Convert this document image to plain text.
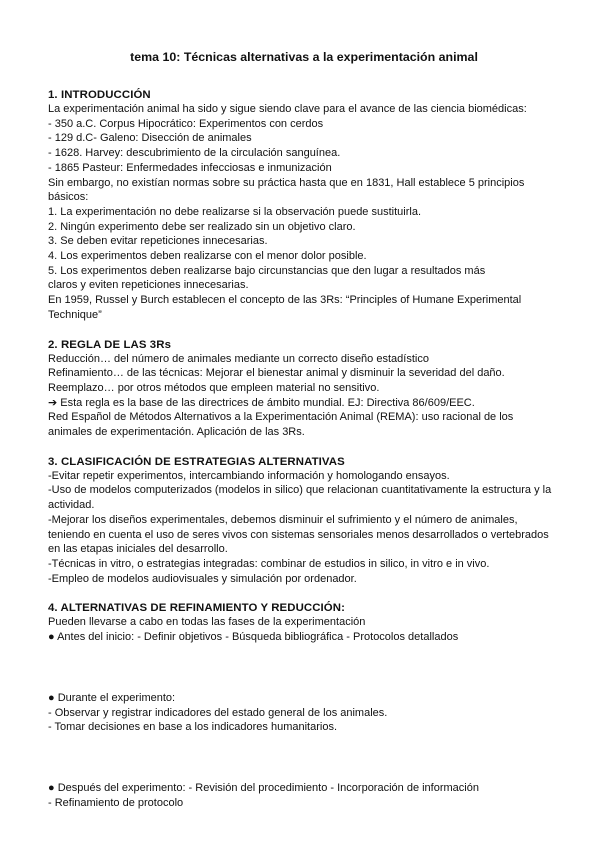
tema 10: Técnicas alternativas a la experimentación animal
1. INTRODUCCIÓN

La experimentación animal ha sido y sigue siendo clave para el avance de las ciencia biomédicas:

- 350 a.C. Corpus Hipocrático: Experimentos con cerdos

- 129 d.C- Galeno: Disección de animales

- 1628. Harvey: descubrimiento de la circulación sanguínea.

- 1865 Pasteur: Enfermedades infecciosas e inmunización

Sin embargo, no existían normas sobre su práctica hasta que en 1831, Hall establece 5 principios

básicos:

1. La experimentación no debe realizarse si la observación puede sustituirla.

2. Ningún experimento debe ser realizado sin un objetivo claro.

3. Se deben evitar repeticiones innecesarias.

4. Los experimentos deben realizarse con el menor dolor posible.

5. Los experimentos deben realizarse bajo circunstancias que den lugar a resultados más

claros y eviten repeticiones innecesarias.

En 1959, Russel y Burch establecen el concepto de las 3Rs: “Principles of Humane Experimental

Technique”

2. REGLA DE LAS 3Rs

Reducción… del número de animales mediante un correcto diseño estadístico

Refinamiento… de las técnicas: Mejorar el bienestar animal y disminuir la severidad del daño.

Reemplazo… por otros métodos que empleen material no sensitivo.

➔ Esta regla es la base de las directrices de ámbito mundial. EJ: Directiva 86/609/EEC.

Red Español de Métodos Alternativos a la Experimentación Animal (REMA): uso racional de los

animales de experimentación. Aplicación de las 3Rs.

3. CLASIFICACIÓN DE ESTRATEGIAS ALTERNATIVAS

-Evitar repetir experimentos, intercambiando información y homologando ensayos.

-Uso de modelos computerizados (modelos in silico) que relacionan cuantitativamente la estructura y la

actividad.

-Mejorar los diseños experimentales, debemos disminuir el sufrimiento y el número de animales,

teniendo en cuenta el uso de seres vivos con sistemas sensoriales menos desarrollados o vertebrados

en las etapas iniciales del desarrollo.

-Técnicas in vitro, o estrategias integradas: combinar de estudios in silico, in vitro e in vivo.

-Empleo de modelos audiovisuales y simulación por ordenador.

4. ALTERNATIVAS DE REFINAMIENTO Y REDUCCIÓN:

Pueden llevarse a cabo en todas las fases de la experimentación

● Antes del inicio: - Definir objetivos - Búsqueda bibliográfica - Protocolos detallados

● Durante el experimento:

- Observar y registrar indicadores del estado general de los animales.

- Tomar decisiones en base a los indicadores humanitarios.

● Después del experimento: - Revisión del procedimiento - Incorporación de información

- Refinamiento de protocolo
